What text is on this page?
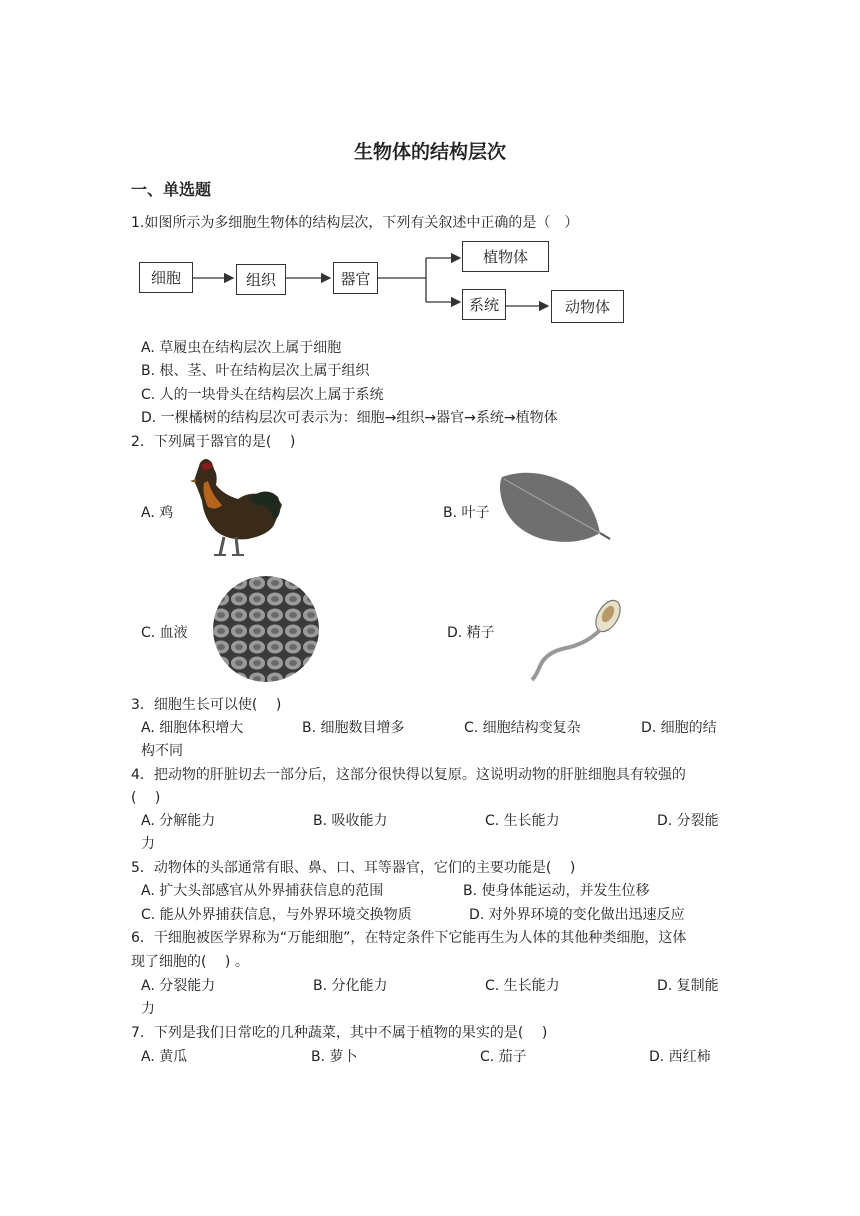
生物体的结构层次
一、单选题
1.如图所示为多细胞生物体的结构层次，下列有关叙述中正确的是（　）
细胞	组织	器官
植物体
系统	动物体
A. 草履虫在结构层次上属于细胞
B. 根、茎、叶在结构层次上属于组织
C. 人的一块骨头在结构层次上属于系统
D. 一棵橘树的结构层次可表示为：细胞→组织→器官→系统→植物体
2．下列属于器官的是(　 )
A. 鸡	B. 叶子
C. 血液	D. 精子
3．细胞生长可以使(　 )
A. 细胞体积增大	B. 细胞数目增多	C. 细胞结构变复杂	D. 细胞的结
构不同
4．把动物的肝脏切去一部分后，这部分很快得以复原。这说明动物的肝脏细胞具有较强的
(　 )
A. 分解能力	B. 吸收能力	C. 生长能力	D. 分裂能
力
5．动物体的头部通常有眼、鼻、口、耳等器官，它们的主要功能是(　 )
A. 扩大头部感官从外界捕获信息的范围	B. 使身体能运动，并发生位移
C. 能从外界捕获信息，与外界环境交换物质	D. 对外界环境的变化做出迅速反应
6．干细胞被医学界称为“万能细胞”，在特定条件下它能再生为人体的其他种类细胞，这体
现了细胞的(　 ) 。
A. 分裂能力	B. 分化能力	C. 生长能力	D. 复制能
力
7．下列是我们日常吃的几种蔬菜，其中不属于植物的果实的是(　 )
A. 黄瓜	B. 萝卜	C. 茄子	D. 西红柿
